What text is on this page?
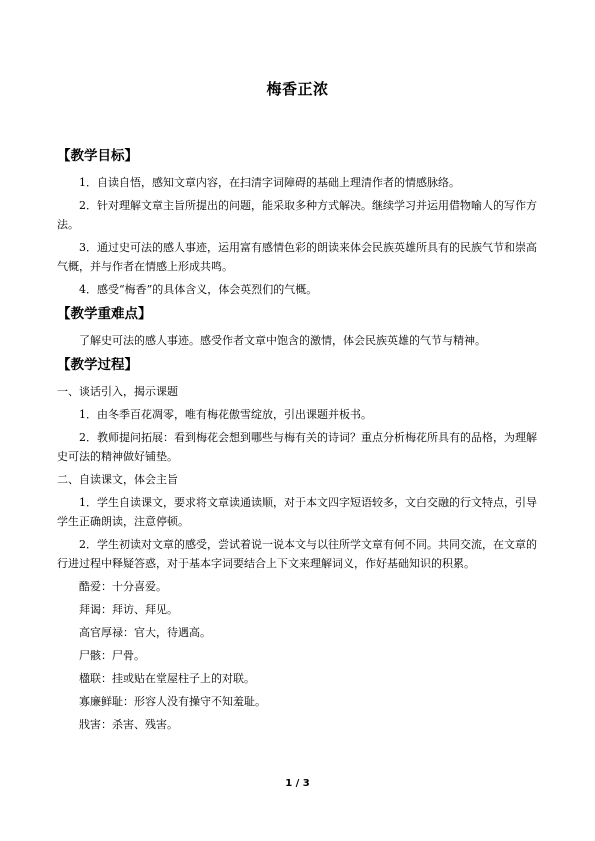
梅香正浓
【教学目标】

1．自读自悟，感知文章内容，在扫清字词障碍的基础上理清作者的情感脉络。

2．针对理解文章主旨所提出的问题，能采取多种方式解决。继续学习并运用借物喻人的写作方法。

3．通过史可法的感人事迹，运用富有感情色彩的朗读来体会民族英雄所具有的民族气节和崇高气概，并与作者在情感上形成共鸣。

4．感受“梅香”的具体含义，体会英烈们的气概。

【教学重难点】

了解史可法的感人事迹。感受作者文章中饱含的激情，体会民族英雄的气节与精神。

【教学过程】

一、谈话引入，揭示课题

1．由冬季百花凋零，唯有梅花傲雪绽放，引出课题并板书。

2．教师提问拓展：看到梅花会想到哪些与梅有关的诗词？重点分析梅花所具有的品格，为理解史可法的精神做好铺垫。

二、自读课文，体会主旨

1．学生自读课文，要求将文章读通读顺，对于本文四字短语较多，文白交融的行文特点，引导学生正确朗读，注意停顿。

2．学生初读对文章的感受，尝试着说一说本文与以往所学文章有何不同。共同交流，在文章的行进过程中释疑答惑，对于基本字词要结合上下文来理解词义，作好基础知识的积累。

酷爱：十分喜爱。

拜谒：拜访、拜见。

高官厚禄：官大，待遇高。

尸骸：尸骨。

楹联：挂或贴在堂屋柱子上的对联。

寡廉鲜耻：形容人没有操守不知羞耻。

戕害：杀害、残害。

1 / 3
